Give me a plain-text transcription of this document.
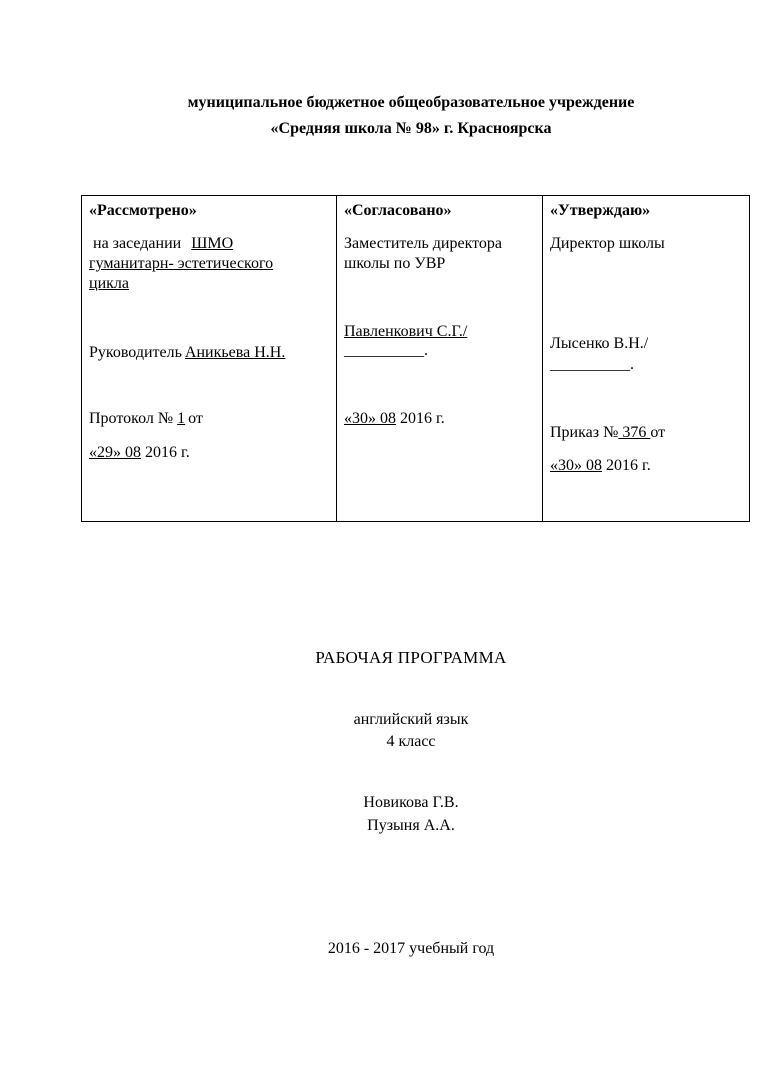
муниципальное бюджетное общеобразовательное учреждение
«Средняя школа № 98» г. Красноярска
«Рассмотрено»
на заседании ШМО
гуманитарн- эстетического
цикла
Руководитель Аникьева Н.Н.
Протокол № 1 от
«29» 08 2016 г.
«Согласовано»
Заместитель директора
школы по УВР
Павленкович С.Г./
__________.
«30» 08 2016 г.
«Утверждаю»
Директор школы
Лысенко В.Н./
__________.
Приказ № 376 от
«30» 08 2016 г.
РАБОЧАЯ ПРОГРАММА
английский язык
4 класс
Новикова Г.В.
Пузыня А.А.
2016 - 2017 учебный год
